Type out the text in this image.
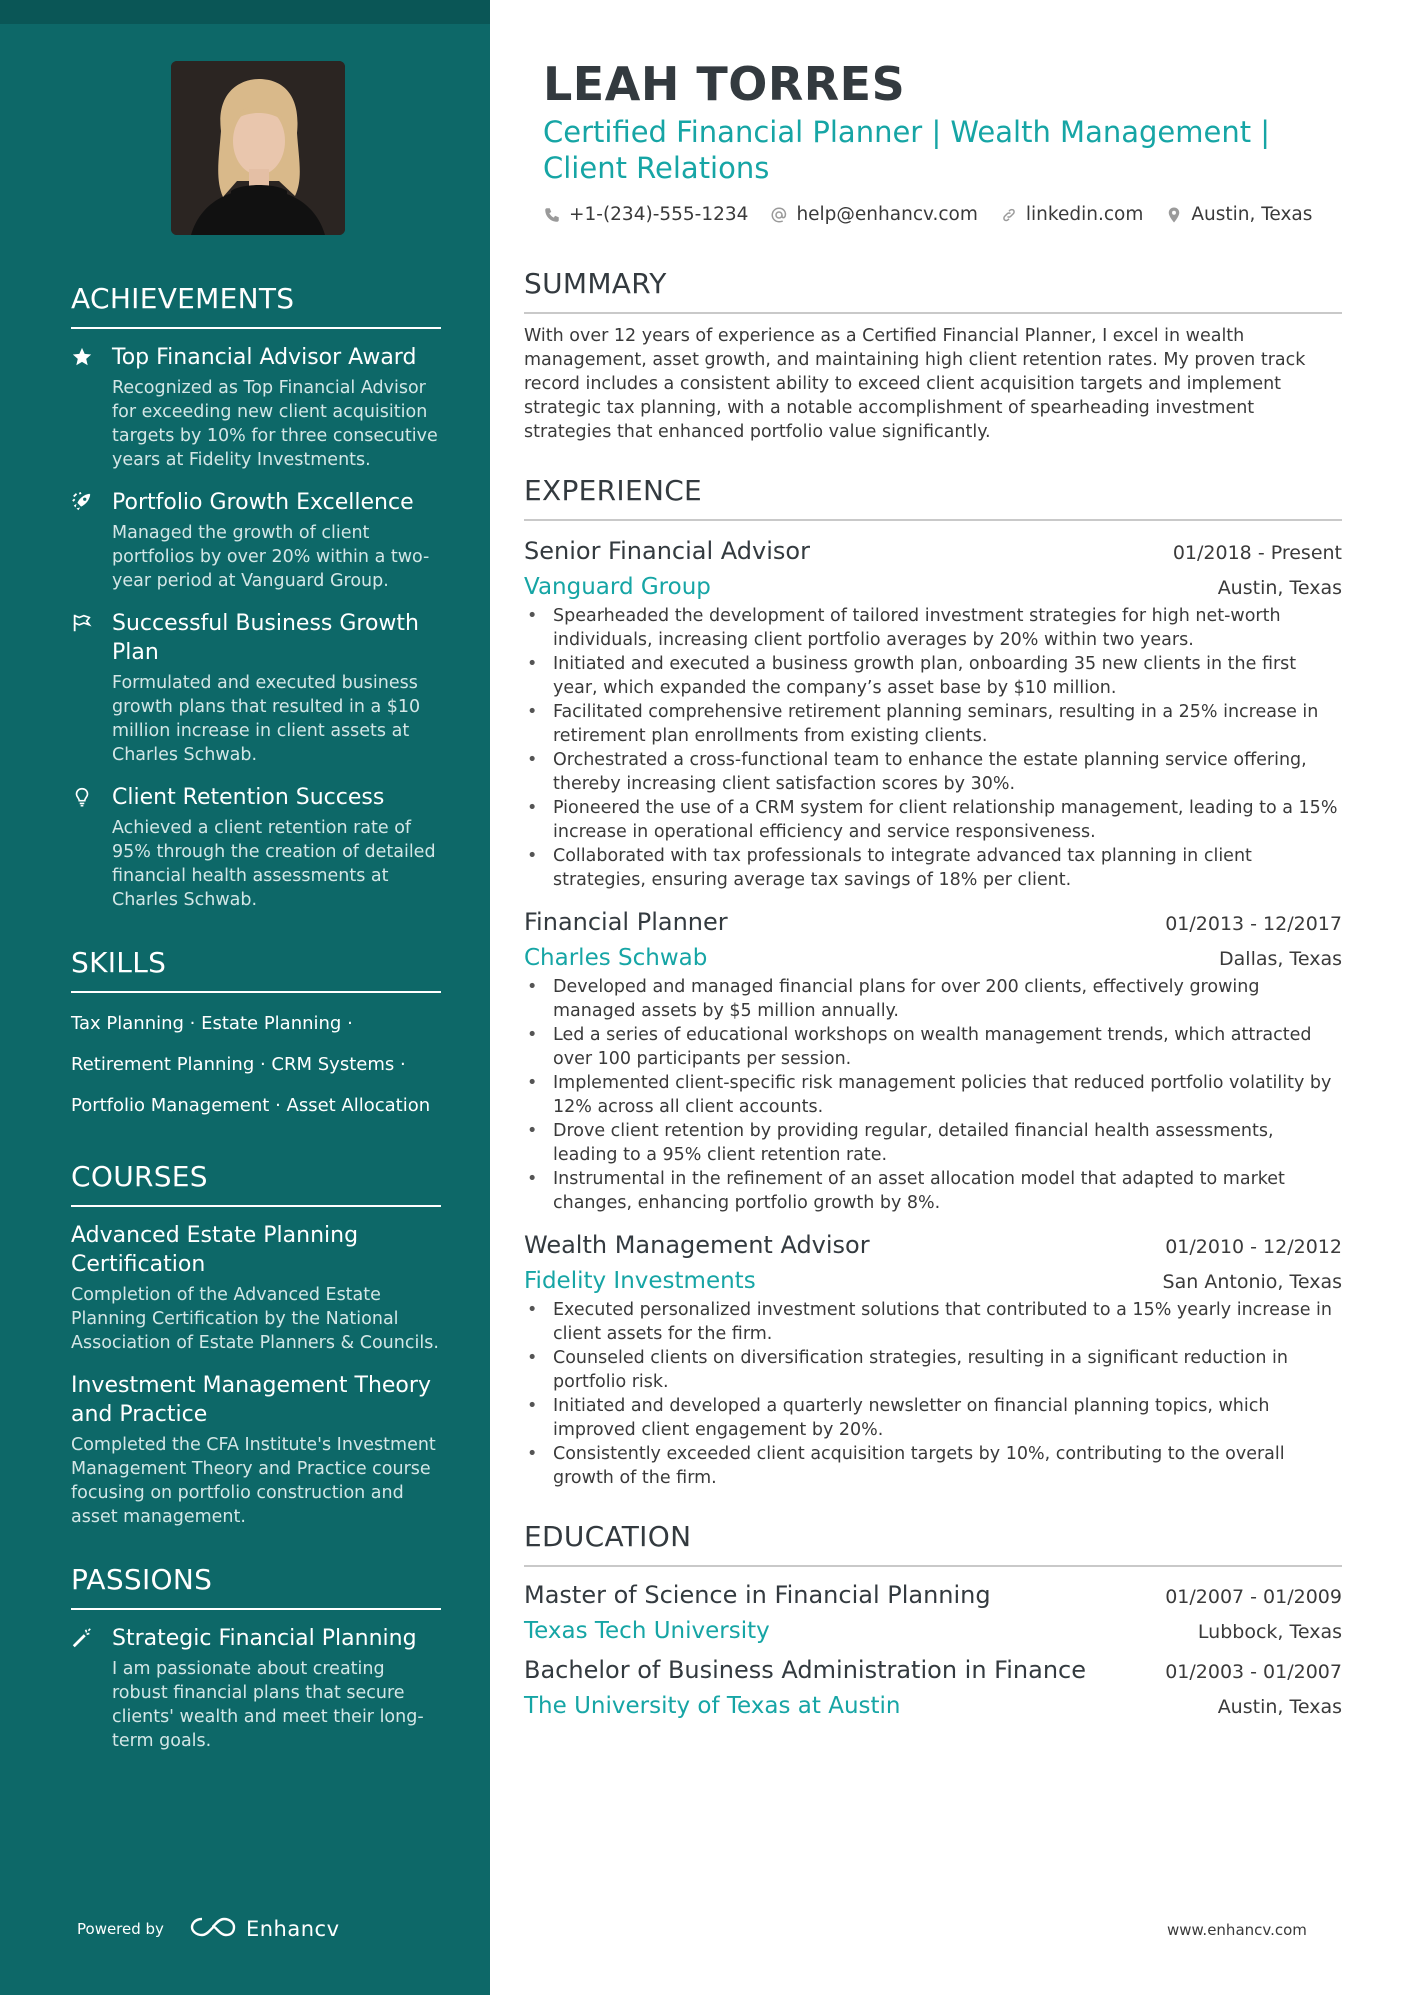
ACHIEVEMENTS
Top Financial Advisor Award
Recognized as Top Financial Advisor for exceeding new client acquisition targets by 10% for three consecutive years at Fidelity Investments.
Portfolio Growth Excellence
Managed the growth of client portfolios by over 20% within a two-year period at Vanguard Group.
Successful Business Growth Plan
Formulated and executed business growth plans that resulted in a $10 million increase in client assets at Charles Schwab.
Client Retention Success
Achieved a client retention rate of 95% through the creation of detailed financial health assessments at Charles Schwab.
SKILLS
Tax Planning · Estate Planning ·
Retirement Planning · CRM Systems ·
Portfolio Management · Asset Allocation
COURSES
Advanced Estate Planning Certification
Completion of the Advanced Estate Planning Certification by the National Association of Estate Planners & Councils.
Investment Management Theory and Practice
Completed the CFA Institute's Investment Management Theory and Practice course focusing on portfolio construction and asset management.
PASSIONS
Strategic Financial Planning
I am passionate about creating robust financial plans that secure clients' wealth and meet their long-term goals.
Powered by	Enhancv
LEAH TORRES
Certified Financial Planner | Wealth Management |
Client Relations
+1-(234)-555-1234	help@enhancv.com	linkedin.com	Austin, Texas
SUMMARY
With over 12 years of experience as a Certified Financial Planner, I excel in wealth management, asset growth, and maintaining high client retention rates. My proven track record includes a consistent ability to exceed client acquisition targets and implement strategic tax planning, with a notable accomplishment of spearheading investment strategies that enhanced portfolio value significantly.
EXPERIENCE
Senior Financial Advisor	01/2018 - Present
Vanguard Group	Austin, Texas
• Spearheaded the development of tailored investment strategies for high net-worth individuals, increasing client portfolio averages by 20% within two years.
• Initiated and executed a business growth plan, onboarding 35 new clients in the first year, which expanded the company’s asset base by $10 million.
• Facilitated comprehensive retirement planning seminars, resulting in a 25% increase in retirement plan enrollments from existing clients.
• Orchestrated a cross-functional team to enhance the estate planning service offering, thereby increasing client satisfaction scores by 30%.
• Pioneered the use of a CRM system for client relationship management, leading to a 15% increase in operational efficiency and service responsiveness.
• Collaborated with tax professionals to integrate advanced tax planning in client strategies, ensuring average tax savings of 18% per client.
Financial Planner	01/2013 - 12/2017
Charles Schwab	Dallas, Texas
• Developed and managed financial plans for over 200 clients, effectively growing managed assets by $5 million annually.
• Led a series of educational workshops on wealth management trends, which attracted over 100 participants per session.
• Implemented client-specific risk management policies that reduced portfolio volatility by 12% across all client accounts.
• Drove client retention by providing regular, detailed financial health assessments, leading to a 95% client retention rate.
• Instrumental in the refinement of an asset allocation model that adapted to market changes, enhancing portfolio growth by 8%.
Wealth Management Advisor	01/2010 - 12/2012
Fidelity Investments	San Antonio, Texas
• Executed personalized investment solutions that contributed to a 15% yearly increase in client assets for the firm.
• Counseled clients on diversification strategies, resulting in a significant reduction in portfolio risk.
• Initiated and developed a quarterly newsletter on financial planning topics, which improved client engagement by 20%.
• Consistently exceeded client acquisition targets by 10%, contributing to the overall growth of the firm.
EDUCATION
Master of Science in Financial Planning	01/2007 - 01/2009
Texas Tech University	Lubbock, Texas
Bachelor of Business Administration in Finance	01/2003 - 01/2007
The University of Texas at Austin	Austin, Texas
www.enhancv.com
